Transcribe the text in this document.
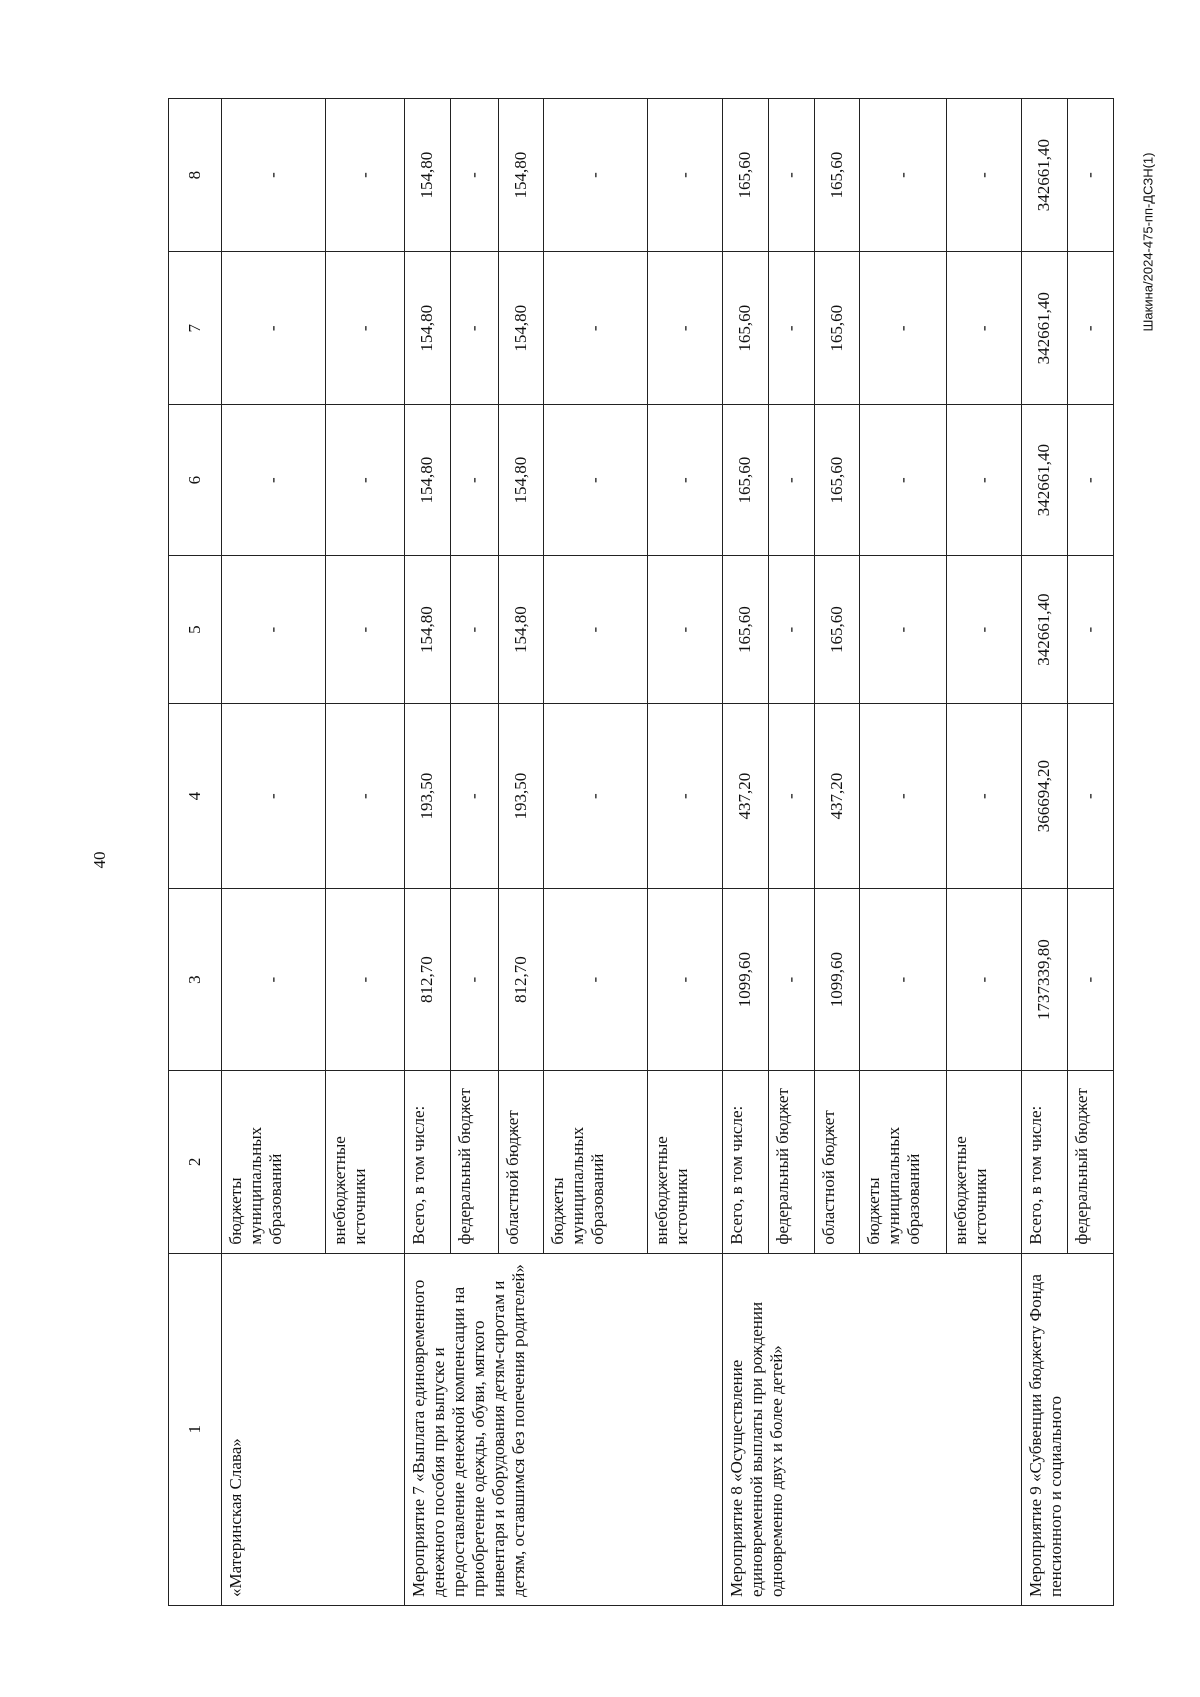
40
Шакина/2024-475-пп-ДСЗН(1)
1	2	3	4	5	6	7	8
«Материнская Слава»	бюджеты муниципальных образований	-	-	-	-	-	-
	внебюджетные источники	-	-	-	-	-	-
Мероприятие 7 «Выплата единовременного денежного пособия при выпуске и предоставление денежной компенсации на приобретение одежды, обуви, мягкого инвентаря и оборудования детям-сиротам и детям, оставшимся без попечения родителей»	Всего, в том числе:	812,70	193,50	154,80	154,80	154,80	154,80
	федеральный бюджет	-	-	-	-	-	-
	областной бюджет	812,70	193,50	154,80	154,80	154,80	154,80
	бюджеты муниципальных образований	-	-	-	-	-	-
	внебюджетные источники	-	-	-	-	-	-
Мероприятие 8 «Осуществление единовременной выплаты при рождении одновременно двух и более детей»	Всего, в том числе:	1099,60	437,20	165,60	165,60	165,60	165,60
	федеральный бюджет	-	-	-	-	-	-
	областной бюджет	1099,60	437,20	165,60	165,60	165,60	165,60
	бюджеты муниципальных образований	-	-	-	-	-	-
	внебюджетные источники	-	-	-	-	-	-
Мероприятие 9 «Субвенции бюджету Фонда пенсионного и социального	Всего, в том числе:	1737339,80	366694,20	342661,40	342661,40	342661,40	342661,40
	федеральный бюджет	-	-	-	-	-	-
